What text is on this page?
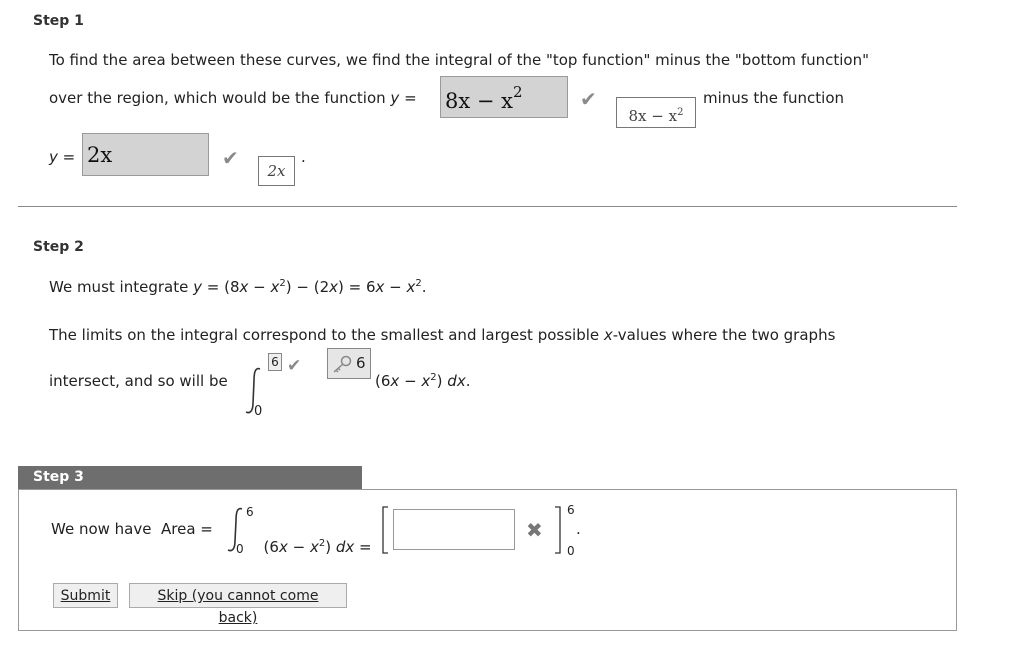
Step 1
To find the area between these curves, we find the integral of the "top function" minus the "bottom function"
over the region, which would be the function $y = 8x - x^2$	✔
$8x - x^2$
minus the function
y = 2x	✔
2x
.
Step 2
We must integrate $y = (8x - x^2) - (2x) = 6x - x^2$.
The limits on the integral correspond to the smallest and largest possible x-values where the two graphs
intersect, and so will be
6 ✔
0
6
$(6x - x^2)$ dx.
Step 3
We now have  Area =
6
0	$(6x - x^2)$ dx =

✖
6
0
.
Submit	Skip (you cannot come back)
